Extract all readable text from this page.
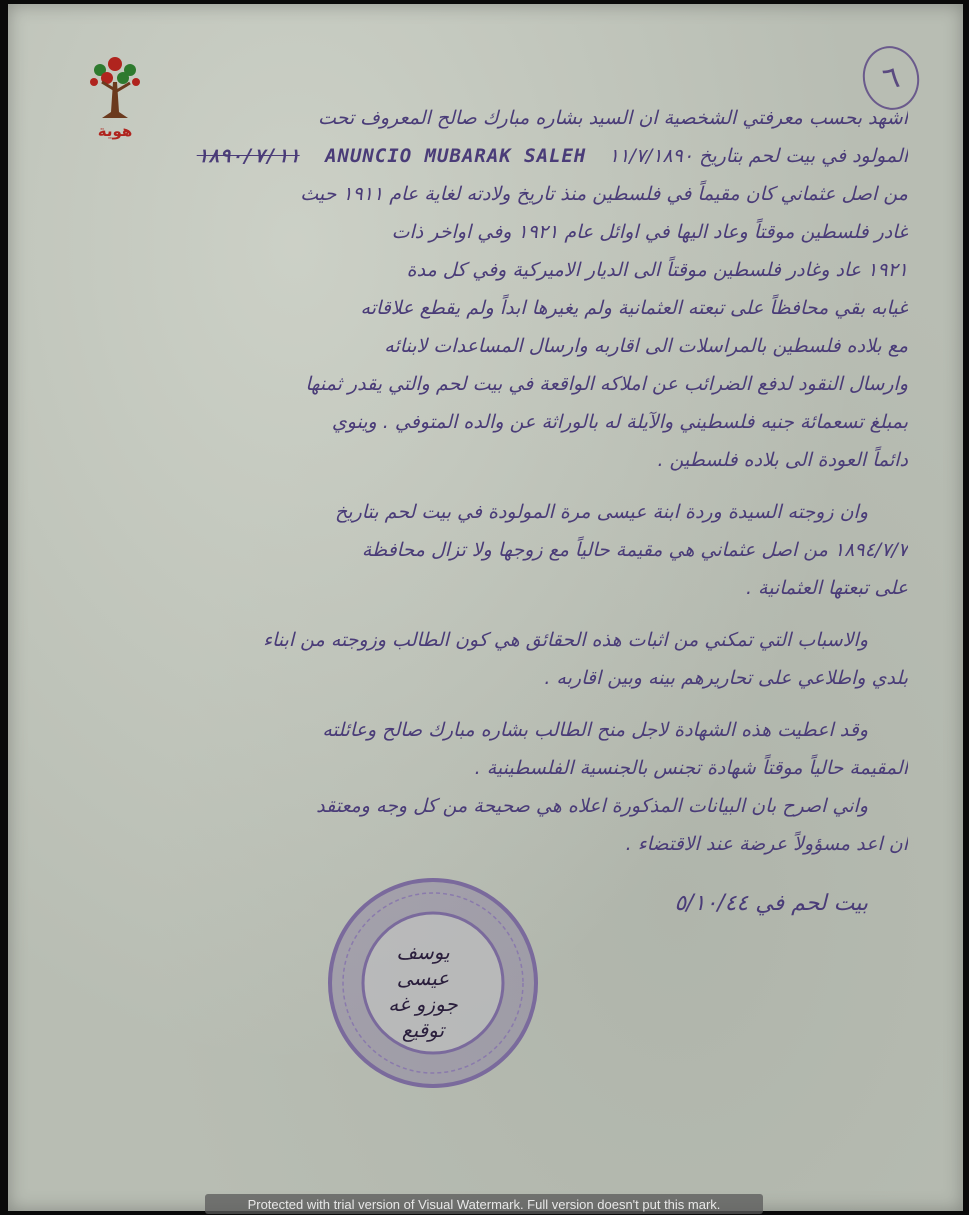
٦
هوية
اشهد بحسب معرفتي الشخصية ان السيد بشاره مبارك صالح المعروف تحت
١٨٩٠/٧/١١ ANUNCIO MUBARAK SALEH المولود في بيت لحم بتاريخ ١١/٧/١٨٩٠
من اصل عثماني كان مقيماً في فلسطين منذ تاريخ ولادته لغاية عام ١٩١١ حيث
غادر فلسطين موقتاً وعاد اليها في اوائل عام ١٩٢١ وفي اواخر ذات
١٩٢١ عاد وغادر فلسطين موقتاً الى الديار الاميركية وفي كل مدة
غيابه بقي محافظاً على تبعته العثمانية ولم يغيرها ابداً ولم يقطع علاقاته
مع بلاده فلسطين بالمراسلات الى اقاربه وارسال المساعدات لابنائه
وارسال النقود لدفع الضرائب عن املاكه الواقعة في بيت لحم والتي يقدر ثمنها
بمبلغ تسعمائة جنيه فلسطيني والآيلة له بالوراثة عن والده المتوفي . وينوي
دائماً العودة الى بلاده فلسطين .
وان زوجته السيدة وردة ابنة عيسى مرة المولودة في بيت لحم بتاريخ
١٨٩٤/٧/٧ من اصل عثماني هي مقيمة حالياً مع زوجها ولا تزال محافظة
على تبعتها العثمانية .
والاسباب التي تمكني من اثبات هذه الحقائق هي كون الطالب وزوجته من ابناء
بلدي واطلاعي على تحاريرهم بينه وبين اقاربه .
وقد اعطيت هذه الشهادة لاجل منح الطالب بشاره مبارك صالح وعائلته
المقيمة حالياً موقتاً شهادة تجنس بالجنسية الفلسطينية .
واني اصرح بان البيانات المذكورة اعلاه هي صحيحة من كل وجه ومعتقد
ان اعد مسؤولاً عرضة عند الاقتضاء .
بيت لحم في ٥/١٠/٤٤
يوسف
عيسى
جوزو غه
توقيع
Protected with trial version of Visual Watermark. Full version doesn't put this mark.
